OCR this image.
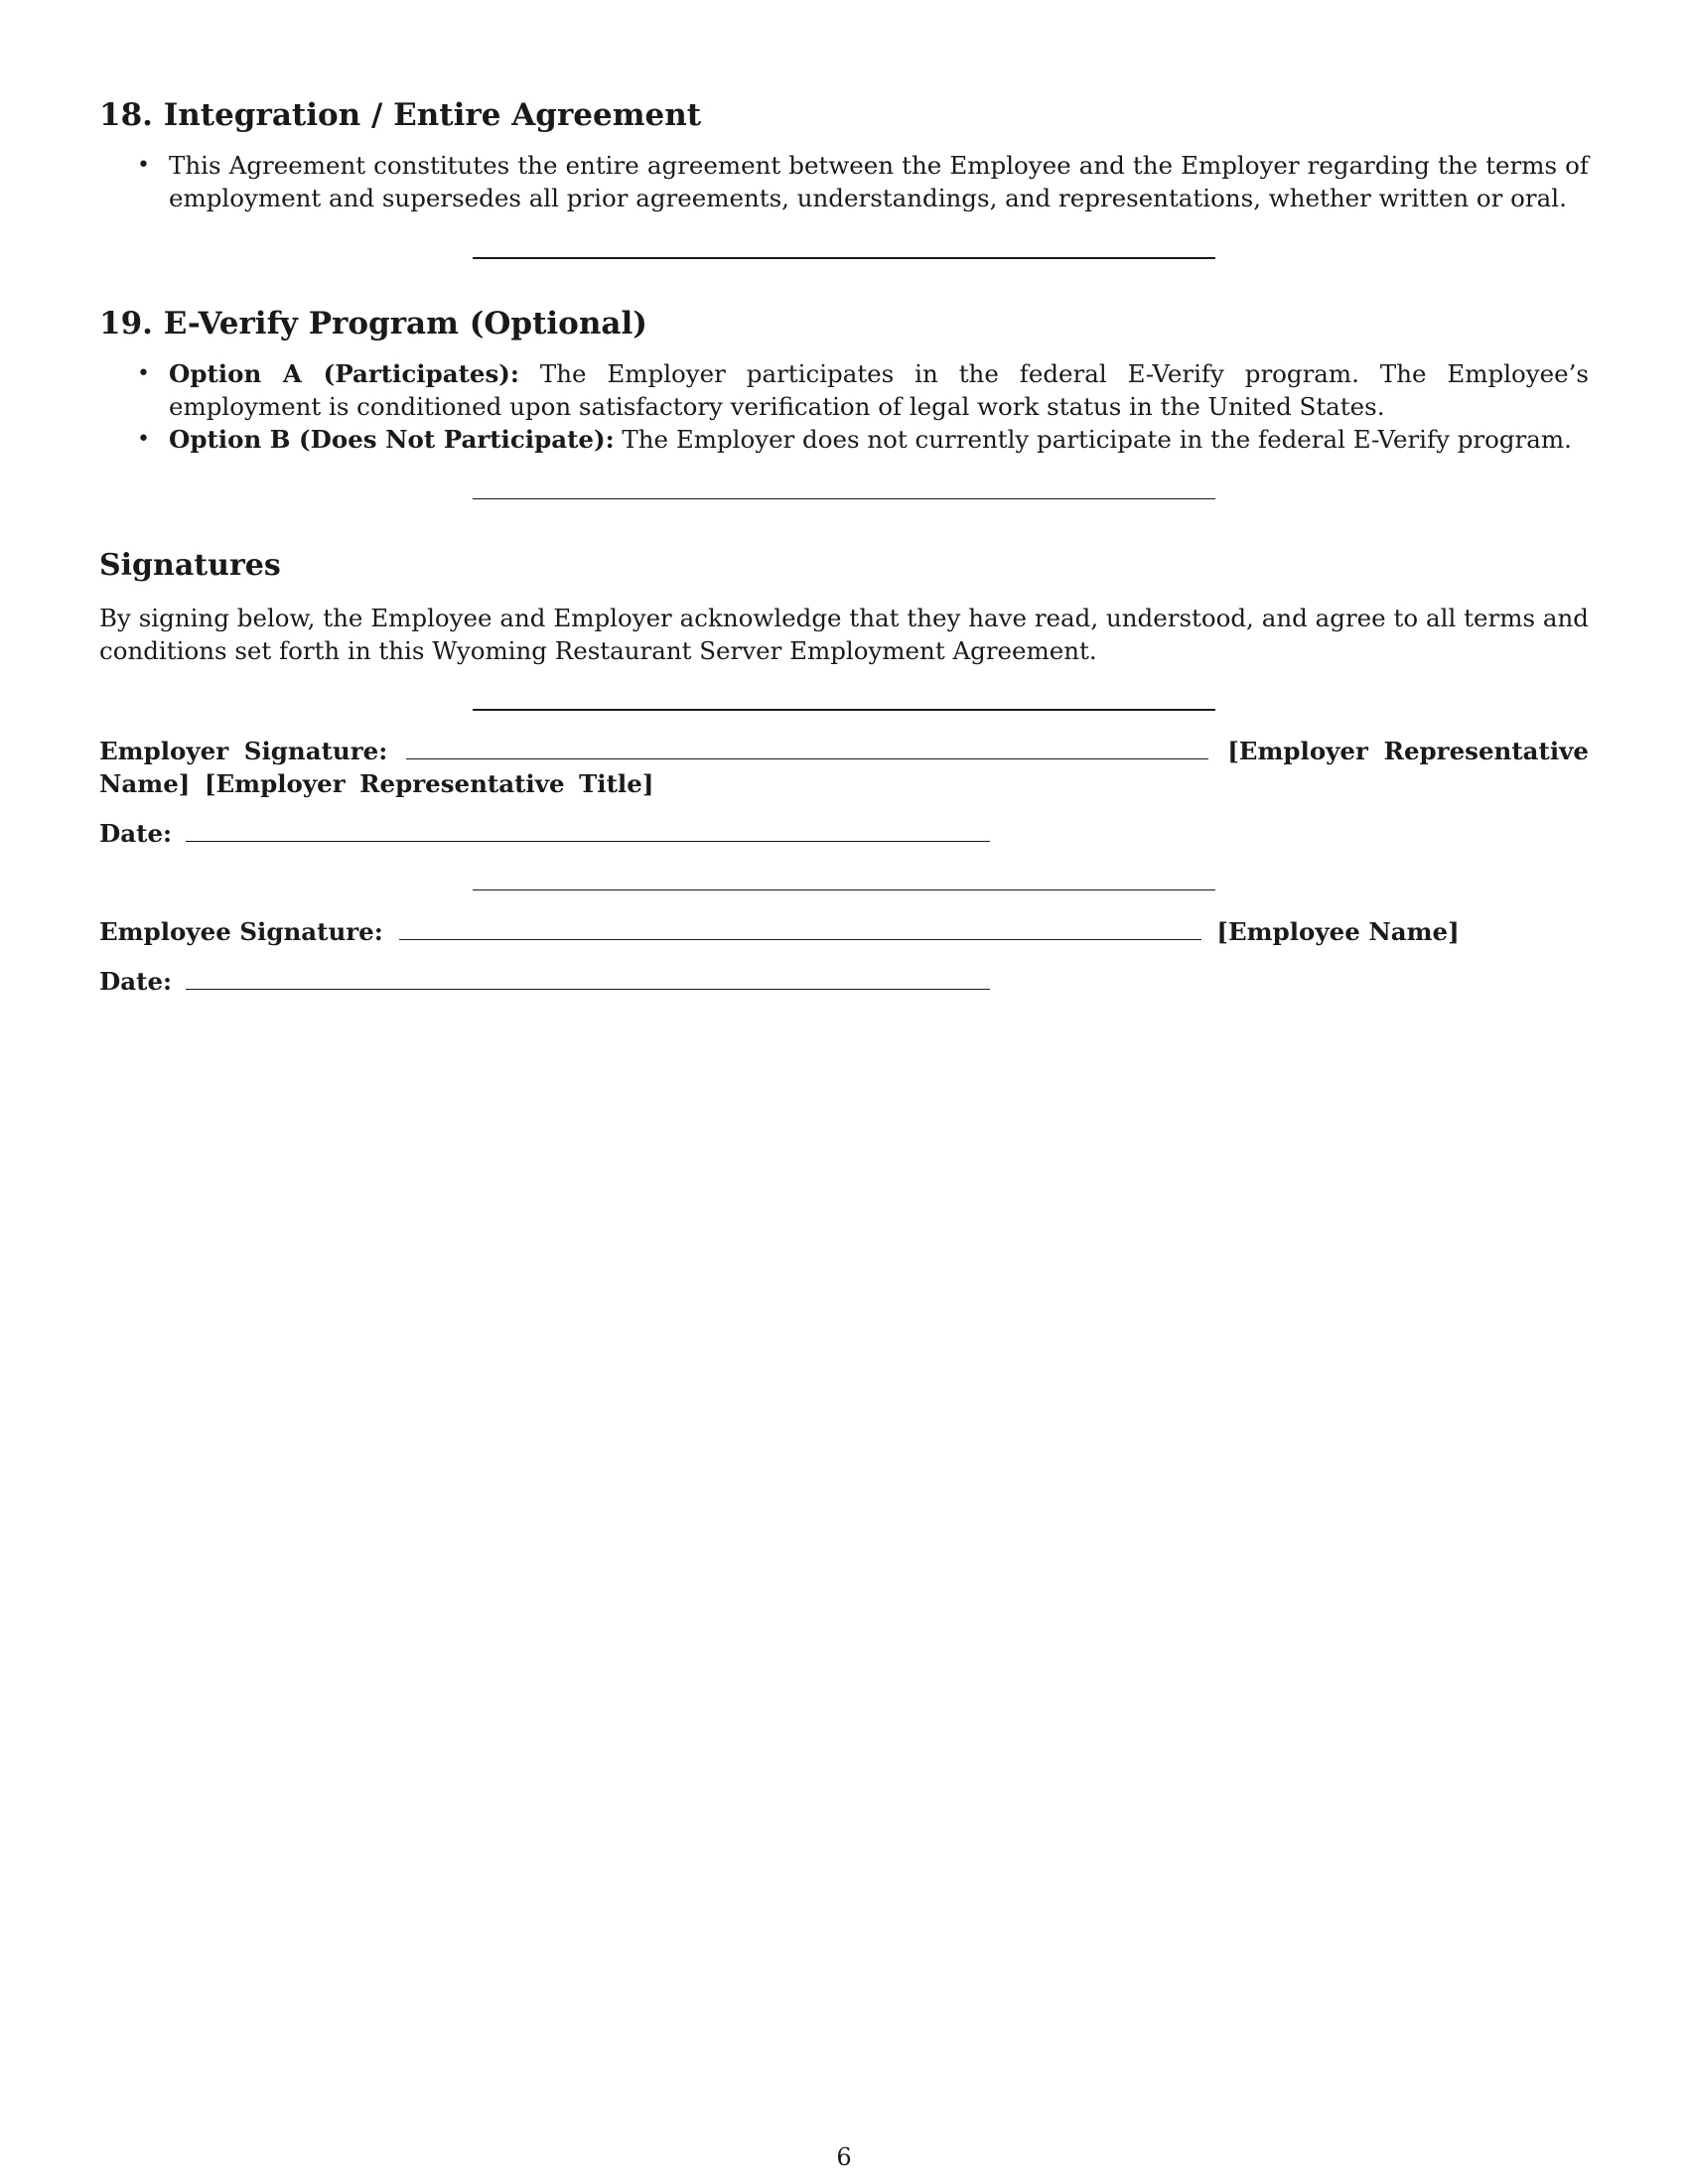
18. Integration / Entire Agreement
• This Agreement constitutes the entire agreement between the Employee and the Employer regarding the terms of employment and supersedes all prior agreements, understandings, and representations, whether written or oral.
19. E-Verify Program (Optional)
• Option A (Participates): The Employer participates in the federal E-Verify program. The Employee’s employment is conditioned upon satisfactory verification of legal work status in the United States.
• Option B (Does Not Participate): The Employer does not currently participate in the federal E-Verify program.
Signatures

By signing below, the Employee and Employer acknowledge that they have read, understood, and agree to all terms and conditions set forth in this Wyoming Restaurant Server Employment Agreement.

Employer Signature:	[Employer Representative Name] [Employer Representative Title]
Date:
Employee Signature:	[Employee Name]
Date:
6
